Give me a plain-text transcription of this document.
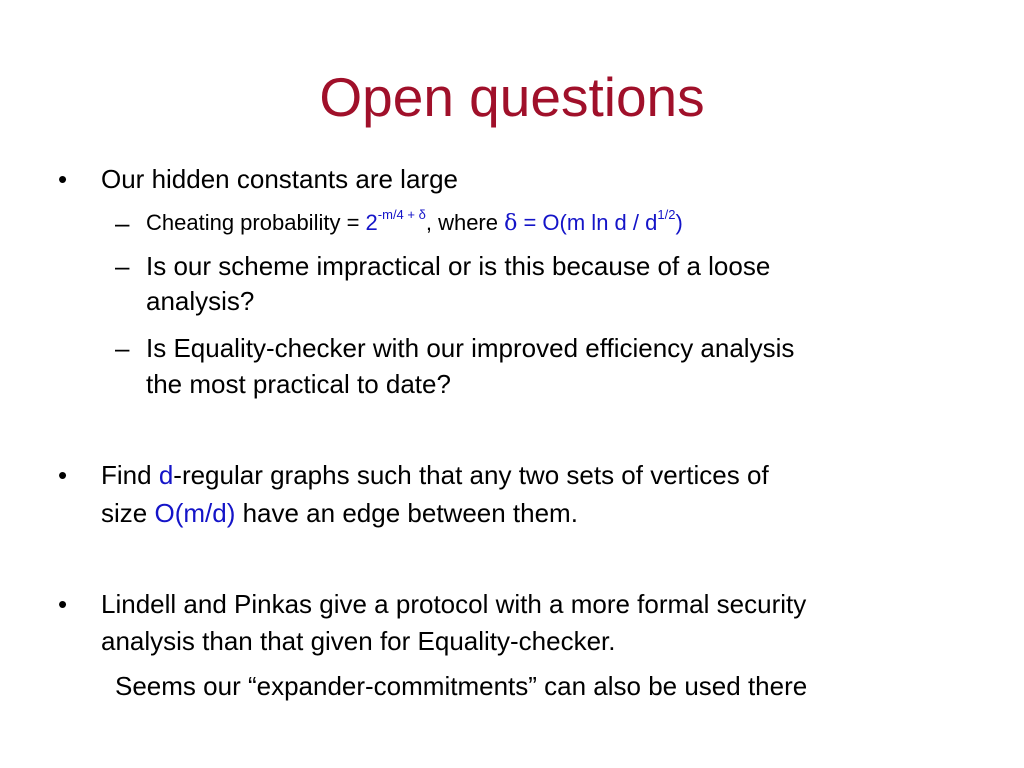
Open questions
• Our hidden constants are large
– Cheating probability = $2^{-m/4 + \delta}$, where δ = O(m ln d / $d^{1/2}$)
– Is our scheme impractical or is this because of a loose
analysis?
– Is Equality-checker with our improved efficiency analysis
the most practical to date?
• Find d-regular graphs such that any two sets of vertices of
size O(m/d) have an edge between them.
• Lindell and Pinkas give a protocol with a more formal security
analysis than that given for Equality-checker.
Seems our “expander-commitments” can also be used there
